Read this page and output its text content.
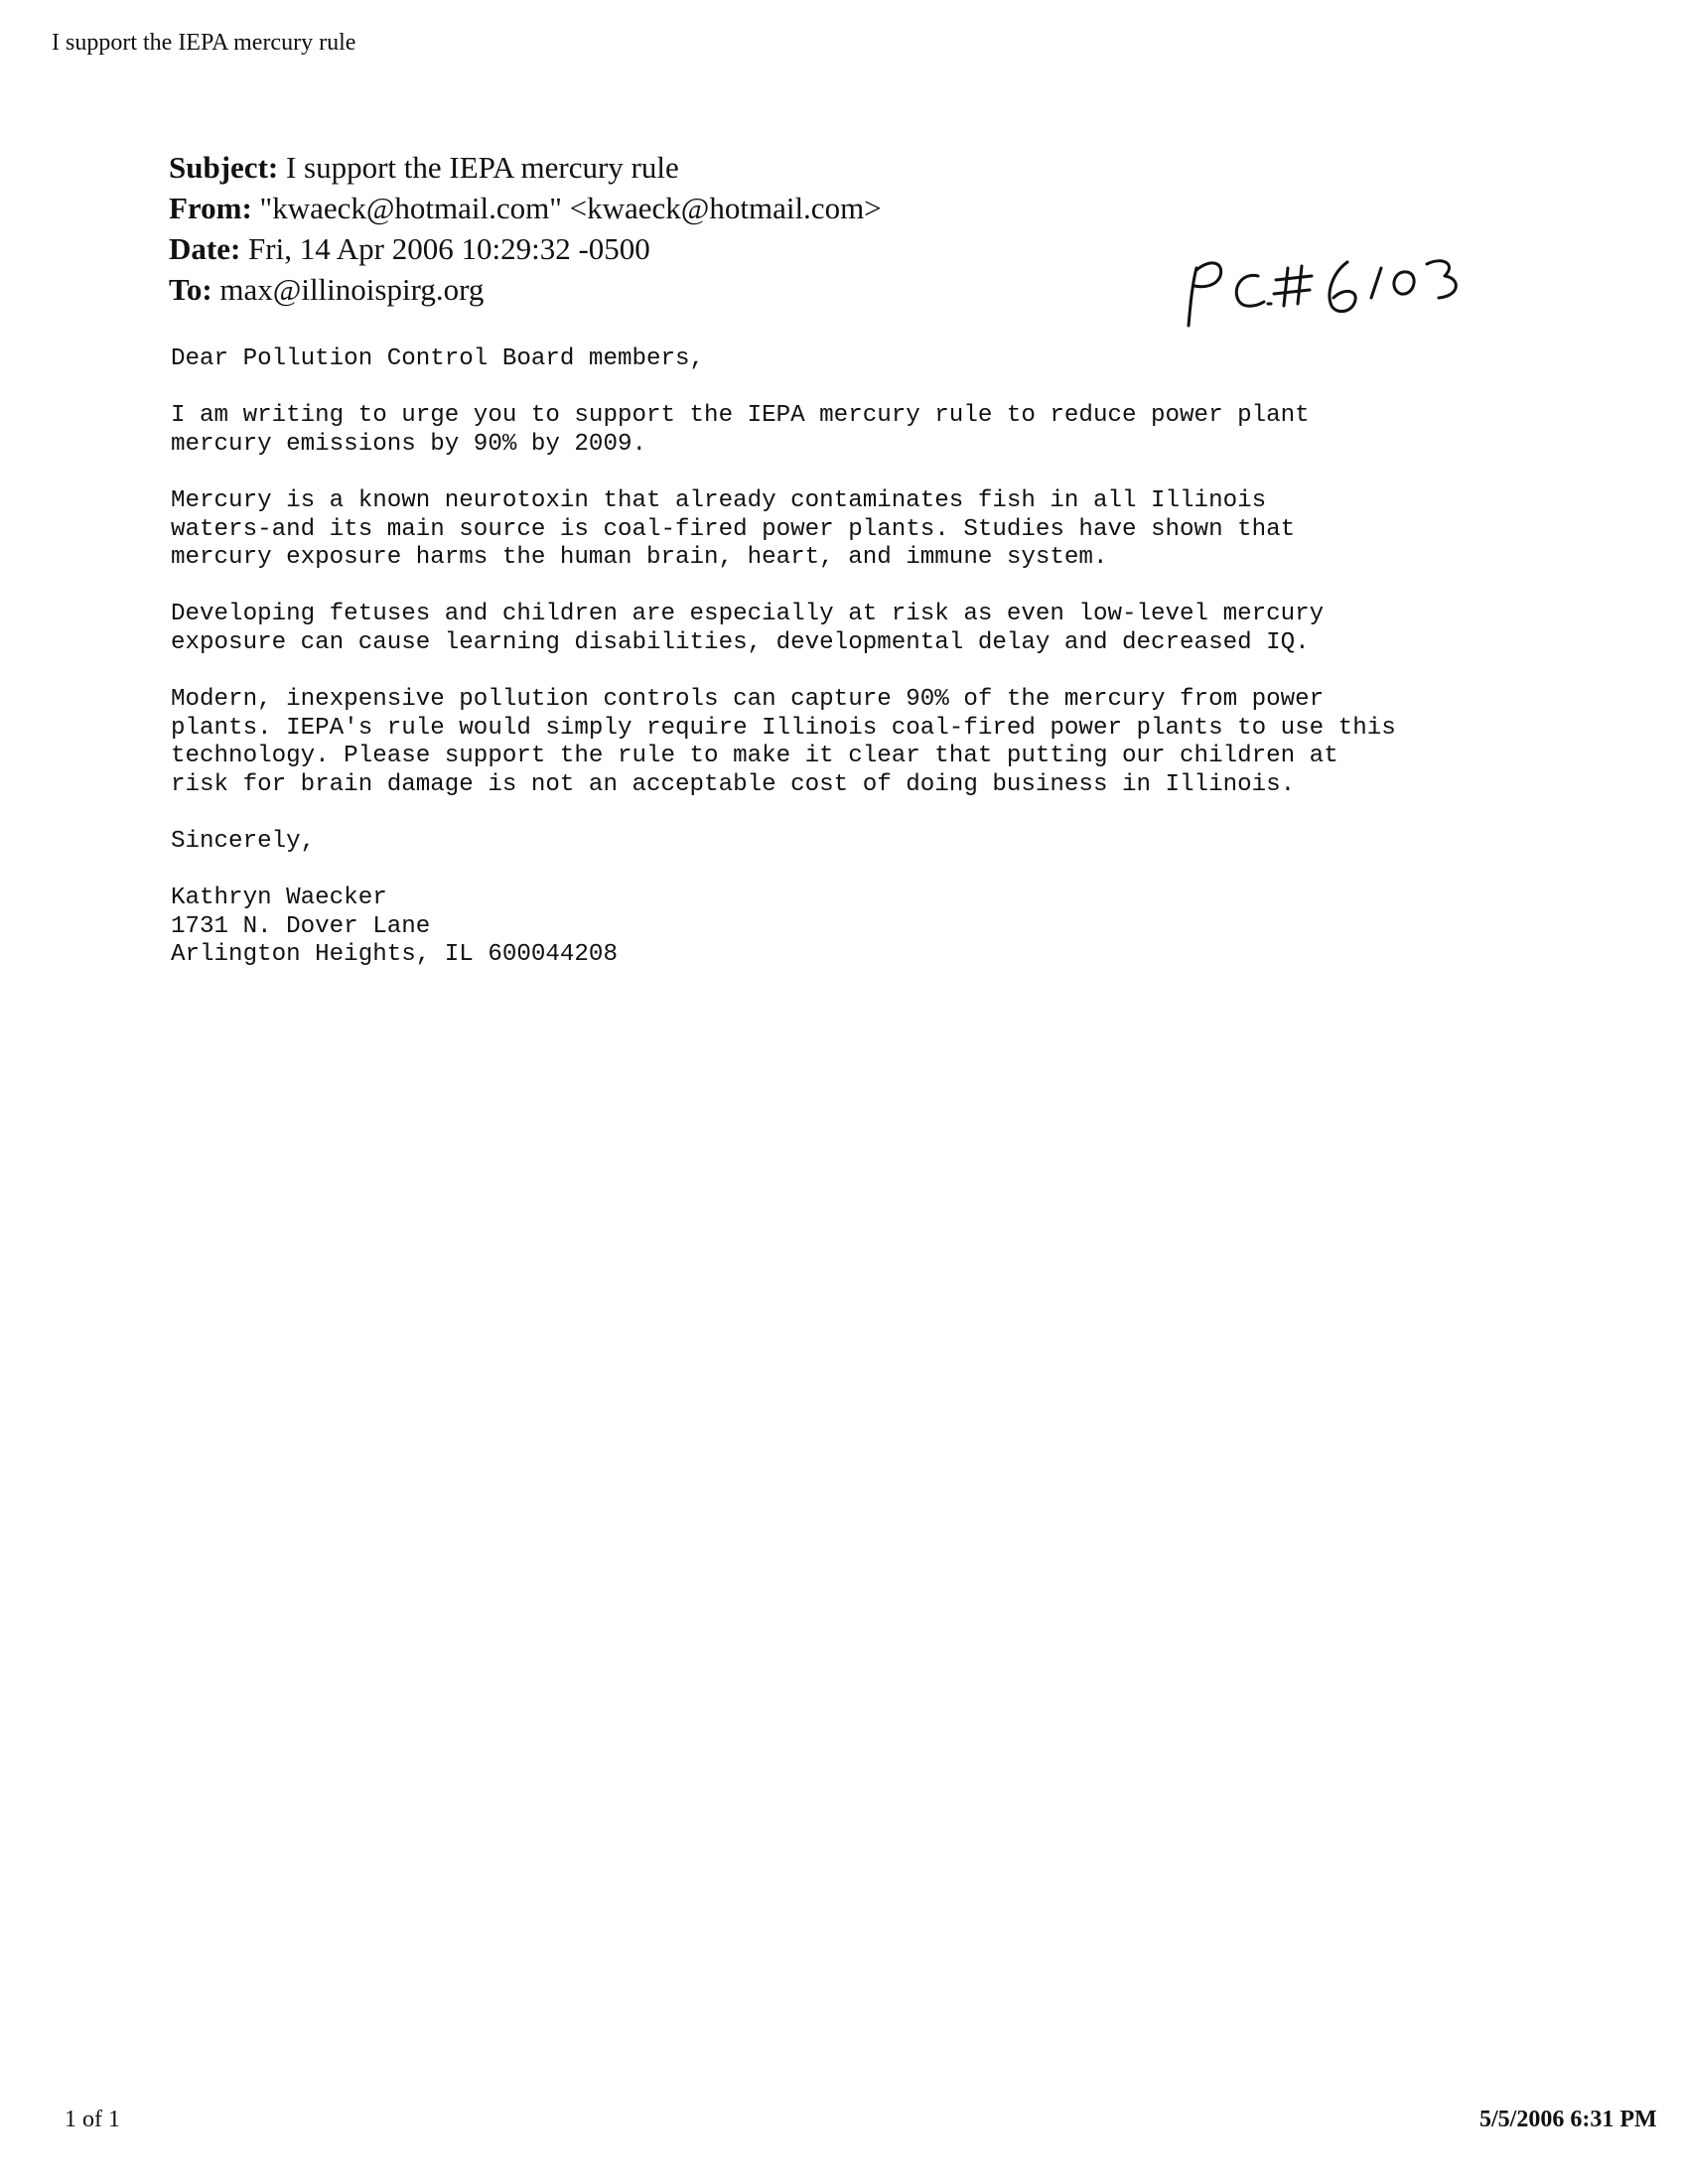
I support the IEPA mercury rule
Subject: I support the IEPA mercury rule
From: "kwaeck@hotmail.com" <kwaeck@hotmail.com>
Date: Fri, 14 Apr 2006 10:29:32 -0500
To: max@illinoispirg.org

Dear Pollution Control Board members,

I am writing to urge you to support the IEPA mercury rule to reduce power plant
mercury emissions by 90% by 2009.

Mercury is a known neurotoxin that already contaminates fish in all Illinois
waters-and its main source is coal-fired power plants. Studies have shown that
mercury exposure harms the human brain, heart, and immune system.

Developing fetuses and children are especially at risk as even low-level mercury
exposure can cause learning disabilities, developmental delay and decreased IQ.

Modern, inexpensive pollution controls can capture 90% of the mercury from power
plants. IEPA's rule would simply require Illinois coal-fired power plants to use this
technology. Please support the rule to make it clear that putting our children at
risk for brain damage is not an acceptable cost of doing business in Illinois.

Sincerely,

Kathryn Waecker
1731 N. Dover Lane
Arlington Heights, IL 600044208
1 of 1	5/5/2006 6:31 PM
